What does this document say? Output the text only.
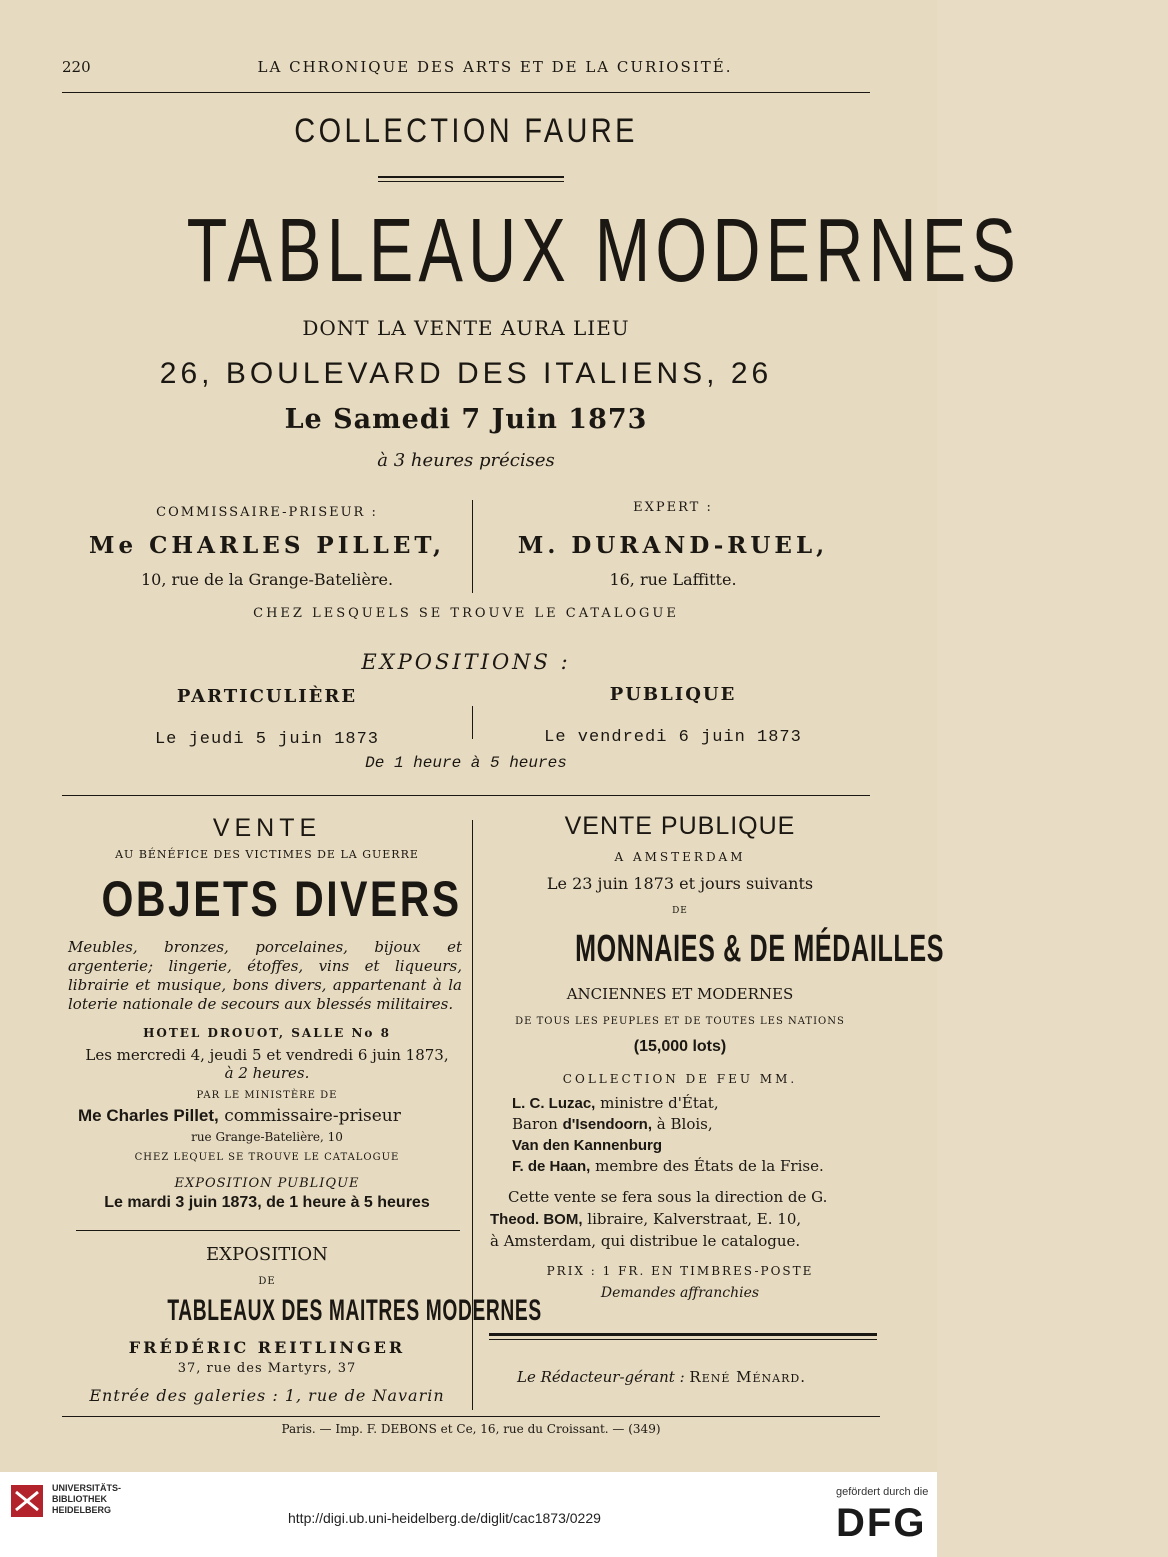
220	LA CHRONIQUE DES ARTS ET DE LA CURIOSITÉ.
COLLECTION FAURE
TABLEAUX MODERNES
DONT LA VENTE AURA LIEU
26, BOULEVARD DES ITALIENS, 26
Le Samedi 7 Juin 1873
à 3 heures précises
COMMISSAIRE-PRISEUR :
Me CHARLES PILLET,
10, rue de la Grange-Batelière.
EXPERT :
M. DURAND-RUEL,
16, rue Laffitte.
CHEZ LESQUELS SE TROUVE LE CATALOGUE
EXPOSITIONS :
PARTICULIÈRE	PUBLIQUE
Le jeudi 5 juin 1873	Le vendredi 6 juin 1873
De 1 heure à 5 heures
VENTE
AU BÉNÉFICE DES VICTIMES DE LA GUERRE
OBJETS DIVERS
Meubles, bronzes, porcelaines, bijoux et argenterie; lingerie, étoffes, vins et liqueurs, librairie et musique, bons divers, appartenant à la loterie nationale de secours aux blessés militaires.
HOTEL DROUOT, SALLE No 8
Les mercredi 4, jeudi 5 et vendredi 6 juin 1873,
à 2 heures.
PAR LE MINISTÈRE DE
Me Charles Pillet, commissaire-priseur
rue Grange-Batelière, 10
CHEZ LEQUEL SE TROUVE LE CATALOGUE
EXPOSITION PUBLIQUE
Le mardi 3 juin 1873, de 1 heure à 5 heures
EXPOSITION
DE
TABLEAUX DES MAITRES MODERNES
FRÉDÉRIC REITLINGER
37, rue des Martyrs, 37
Entrée des galeries : 1, rue de Navarin
VENTE PUBLIQUE
A AMSTERDAM
Le 23 juin 1873 et jours suivants
DE
MONNAIES & DE MÉDAILLES
ANCIENNES ET MODERNES
DE TOUS LES PEUPLES ET DE TOUTES LES NATIONS
(15,000 lots)
COLLECTION DE FEU MM.
L. C. Luzac, ministre d'État,
Baron d'Isendoorn, à Blois,
Van den Kannenburg
F. de Haan, membre des États de la Frise.
Cette vente se fera sous la direction de G.
Theod. BOM, libraire, Kalverstraat, E. 10,
à Amsterdam, qui distribue le catalogue.
PRIX : 1 FR. EN TIMBRES-POSTE
Demandes affranchies
Le Rédacteur-gérant : René Ménard.
Paris. — Imp. F. DEBONS et Ce, 16, rue du Croissant. — (349)
UNIVERSITÄTS-
BIBLIOTHEK
HEIDELBERG	http://digi.ub.uni-heidelberg.de/diglit/cac1873/0229
gefördert durch die
DFG
